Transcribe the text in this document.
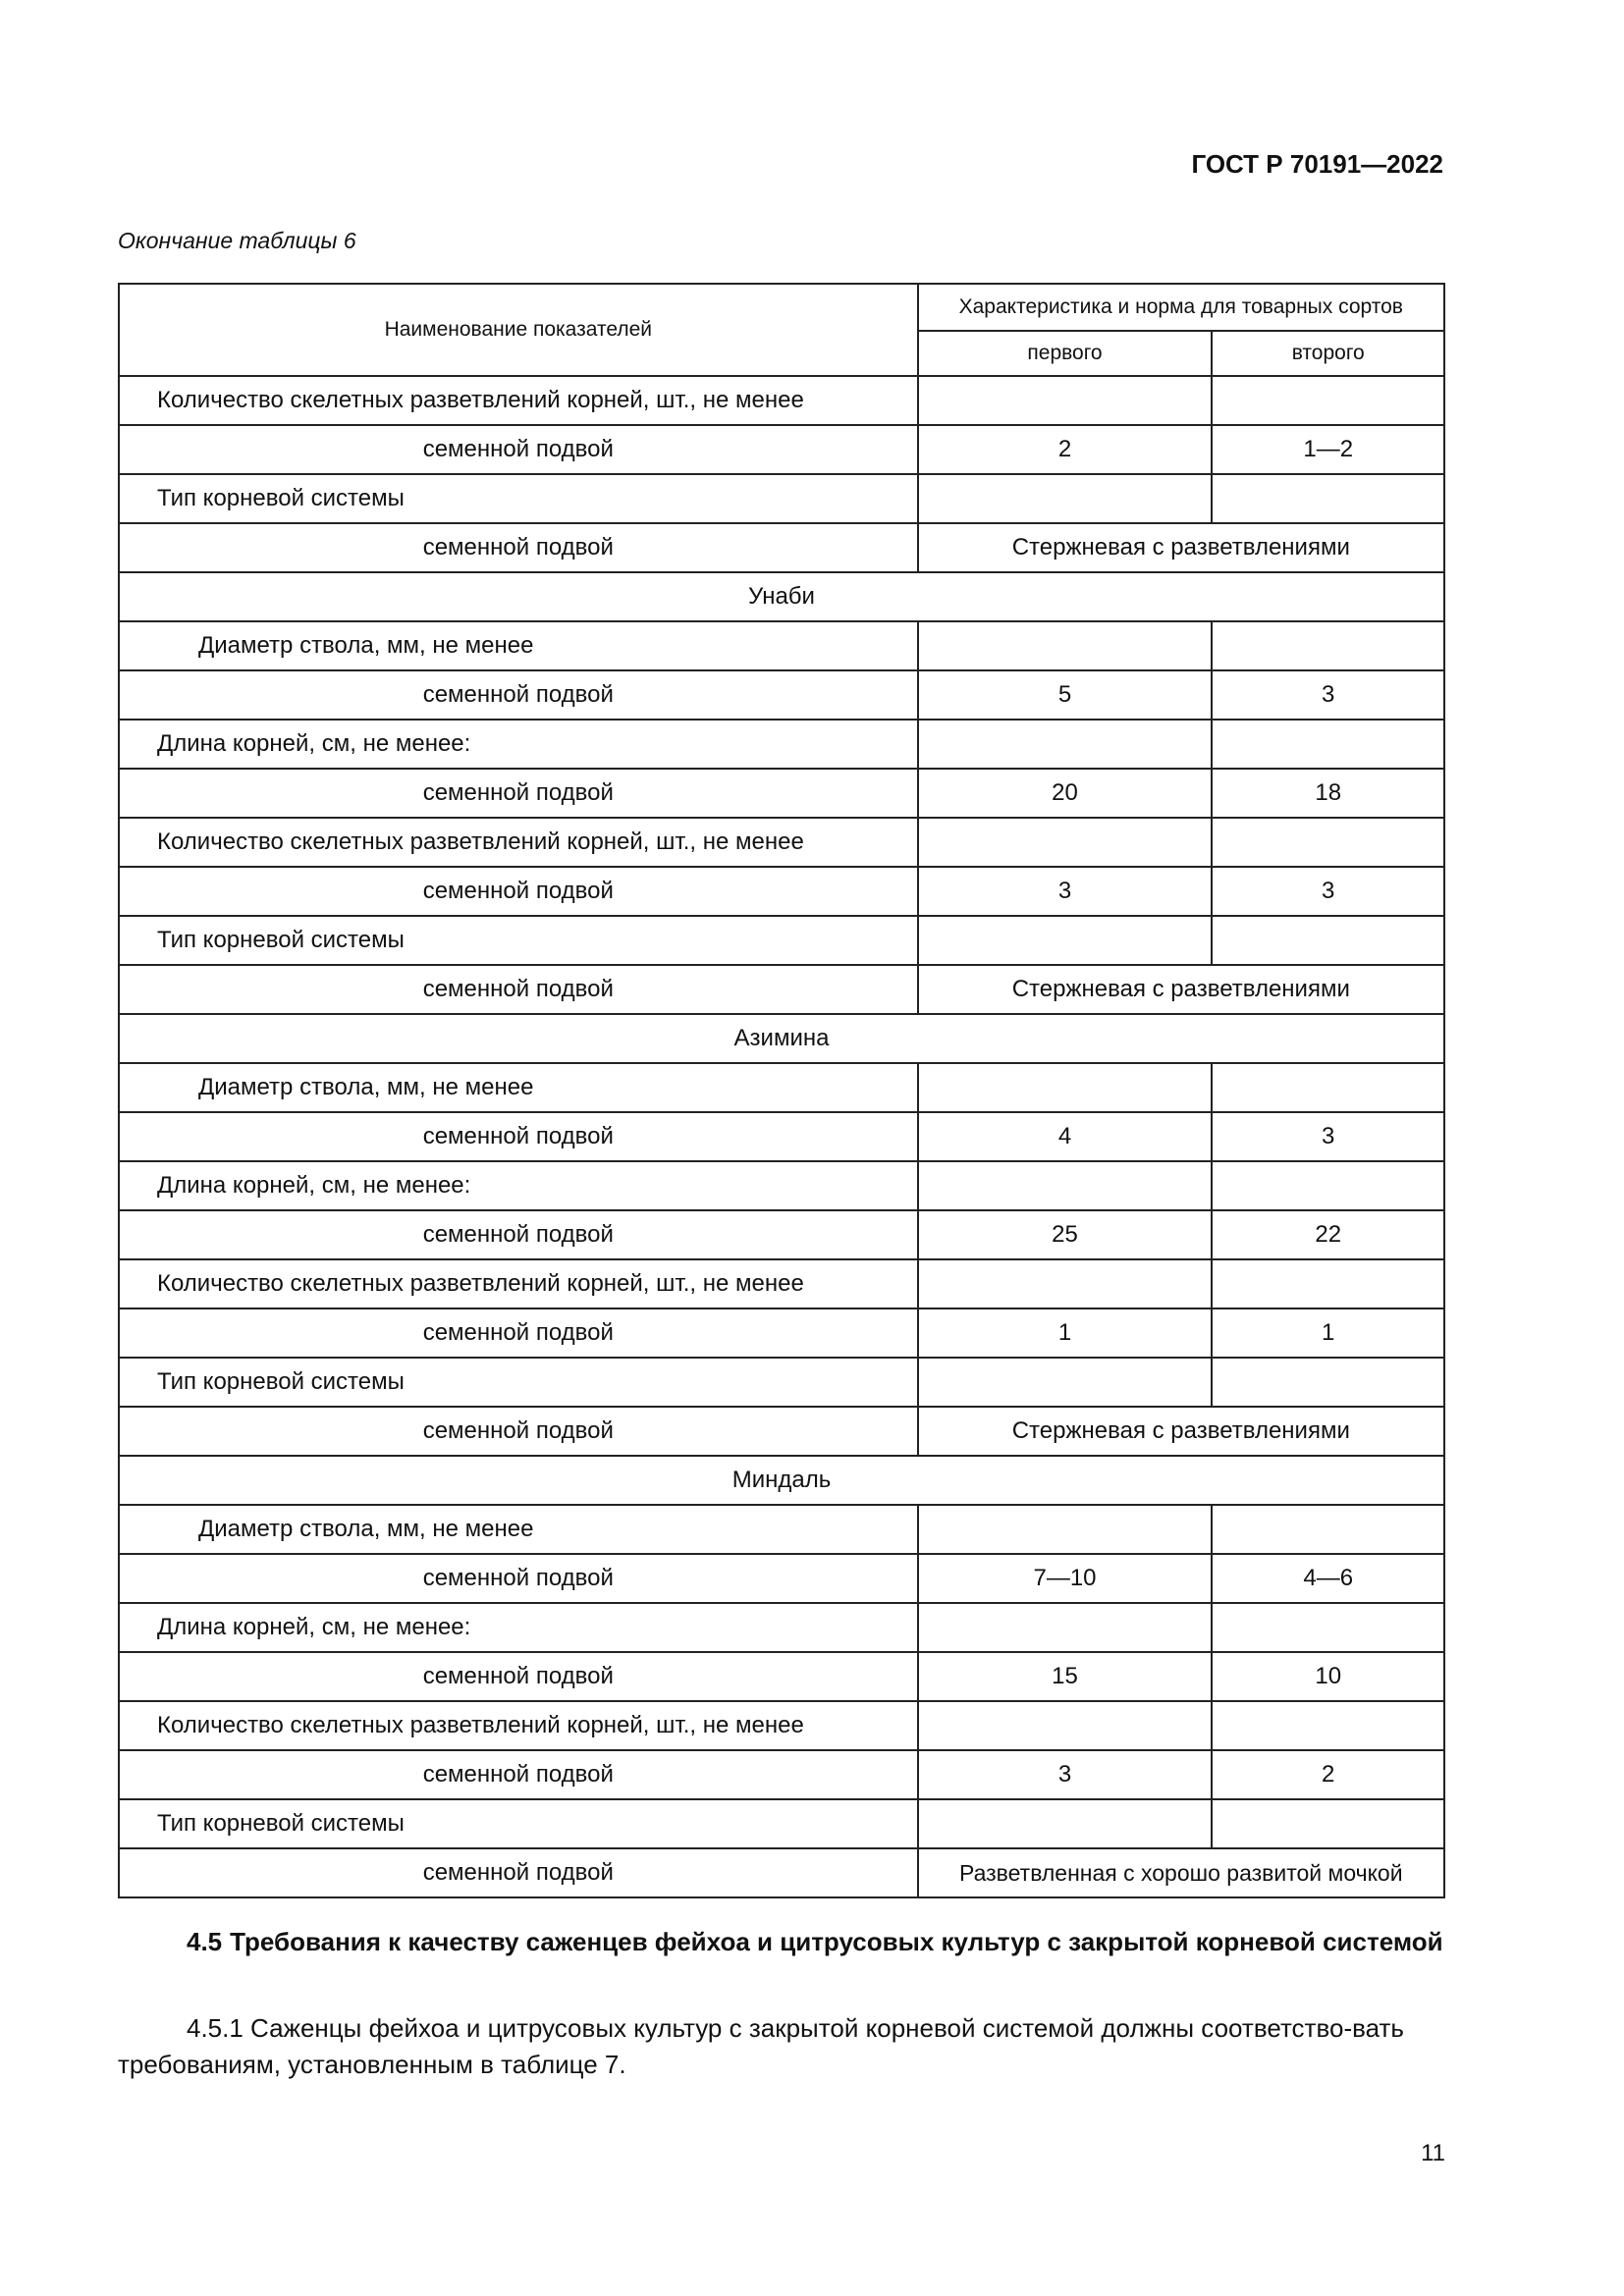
ГОСТ Р 70191—2022
Окончание таблицы 6
Наименование показателей	Характеристика и норма для товарных сортов	
	первого	второго
Количество скелетных разветвлений корней, шт., не менее		
семенной подвой	2	1—2
Тип корневой системы		
семенной подвой	Стержневая с разветвлениями	
Унаби		
Диаметр ствола, мм, не менее		
семенной подвой	5	3
Длина корней, см, не менее:		
семенной подвой	20	18
Количество скелетных разветвлений корней, шт., не менее		
семенной подвой	3	3
Тип корневой системы		
семенной подвой	Стержневая с разветвлениями	
Азимина		
Диаметр ствола, мм, не менее		
семенной подвой	4	3
Длина корней, см, не менее:		
семенной подвой	25	22
Количество скелетных разветвлений корней, шт., не менее		
семенной подвой	1	1
Тип корневой системы		
семенной подвой	Стержневая с разветвлениями	
Миндаль		
Диаметр ствола, мм, не менее		
семенной подвой	7—10	4—6
Длина корней, см, не менее:		
семенной подвой	15	10
Количество скелетных разветвлений корней, шт., не менее		
семенной подвой	3	2
Тип корневой системы		
семенной подвой	Разветвленная с хорошо развитой мочкой	

4.5 Требования к качеству саженцев фейхоа и цитрусовых культур с закрытой корневой системой

4.5.1 Саженцы фейхоа и цитрусовых культур с закрытой корневой системой должны соответство-вать требованиям, установленным в таблице 7.

11
